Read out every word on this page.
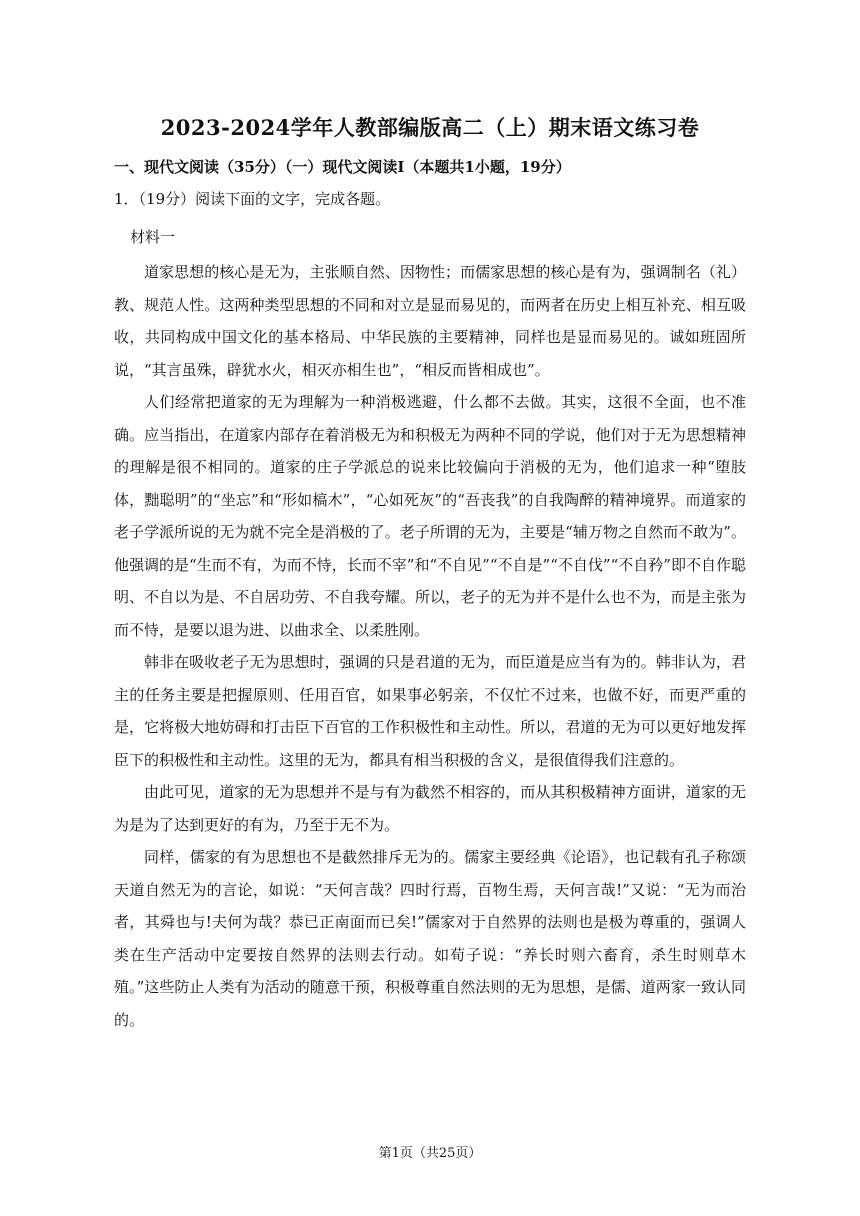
2023-2024学年人教部编版高二（上）期末语文练习卷
一、现代文阅读（35分）（一）现代文阅读Ⅰ（本题共1小题，19分）
1．（19分）阅读下面的文字，完成各题。
材料一

道家思想的核心是无为，主张顺自然、因物性；而儒家思想的核心是有为，强调制名（礼）教、规范人性。这两种类型思想的不同和对立是显而易见的，而两者在历史上相互补充、相互吸收，共同构成中国文化的基本格局、中华民族的主要精神，同样也是显而易见的。诚如班固所说，“其言虽殊，辟犹水火，相灭亦相生也”，“相反而皆相成也”。

人们经常把道家的无为理解为一种消极逃避，什么都不去做。其实，这很不全面，也不准确。应当指出，在道家内部存在着消极无为和积极无为两种不同的学说，他们对于无为思想精神的理解是很不相同的。道家的庄子学派总的说来比较偏向于消极的无为，他们追求一种“堕肢体，黜聪明”的“坐忘”和“形如槁木”，“心如死灰”的“吾丧我”的自我陶醉的精神境界。而道家的老子学派所说的无为就不完全是消极的了。老子所谓的无为，主要是“辅万物之自然而不敢为”。他强调的是“生而不有，为而不恃，长而不宰”和“不自见”“不自是”“不自伐”“不自矜”即不自作聪明、不自以为是、不自居功劳、不自我夸耀。所以，老子的无为并不是什么也不为，而是主张为而不恃，是要以退为进、以曲求全、以柔胜刚。

韩非在吸收老子无为思想时，强调的只是君道的无为，而臣道是应当有为的。韩非认为，君主的任务主要是把握原则、任用百官，如果事必躬亲，不仅忙不过来，也做不好，而更严重的是，它将极大地妨碍和打击臣下百官的工作积极性和主动性。所以，君道的无为可以更好地发挥臣下的积极性和主动性。这里的无为，都具有相当积极的含义，是很值得我们注意的。

由此可见，道家的无为思想并不是与有为截然不相容的，而从其积极精神方面讲，道家的无为是为了达到更好的有为，乃至于无不为。

同样，儒家的有为思想也不是截然排斥无为的。儒家主要经典《论语》，也记载有孔子称颂天道自然无为的言论，如说：“天何言哉？四时行焉，百物生焉，天何言哉!”又说：“无为而治者，其舜也与!夫何为哉？恭已正南面而已矣!”儒家对于自然界的法则也是极为尊重的，强调人类在生产活动中定要按自然界的法则去行动。如荀子说：“养长时则六畜育，杀生时则草木殖。”这些防止人类有为活动的随意干预，积极尊重自然法则的无为思想，是儒、道两家一致认同的。

第1页（共25页）
